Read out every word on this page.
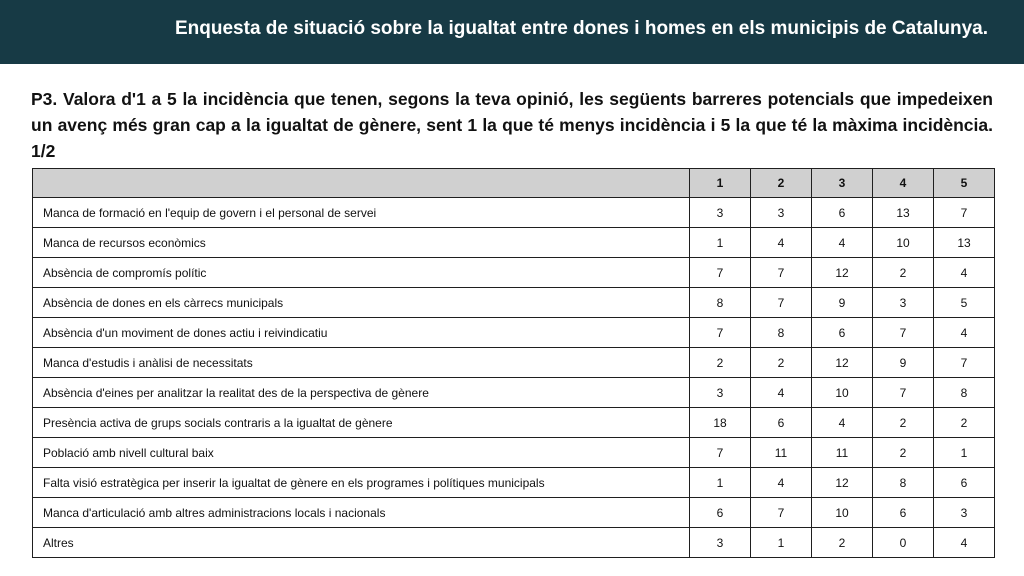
Enquesta de situació sobre la igualtat entre dones i homes en els municipis de Catalunya.
P3. Valora d'1 a 5 la incidència que tenen, segons la teva opinió, les següents barreres potencials que impedeixen un avenç més gran cap a la igualtat de gènere, sent 1 la que té menys incidència i 5 la que té la màxima incidència. 1/2
	1	2	3	4	5
Manca de formació en l'equip de govern i el personal de servei	3	3	6	13	7
Manca de recursos econòmics	1	4	4	10	13
Absència de compromís polític	7	7	12	2	4
Absència de dones en els càrrecs municipals	8	7	9	3	5
Absència d'un moviment de dones actiu i reivindicatiu	7	8	6	7	4
Manca d'estudis i anàlisi de necessitats	2	2	12	9	7
Absència d'eines per analitzar la realitat des de la perspectiva de gènere	3	4	10	7	8
Presència activa de grups socials contraris a la igualtat de gènere	18	6	4	2	2
Població amb nivell cultural baix	7	11	11	2	1
Falta visió estratègica per inserir la igualtat de gènere en els programes i polítiques municipals	1	4	12	8	6
Manca d'articulació amb altres administracions locals i nacionals	6	7	10	6	3
Altres	3	1	2	0	4
